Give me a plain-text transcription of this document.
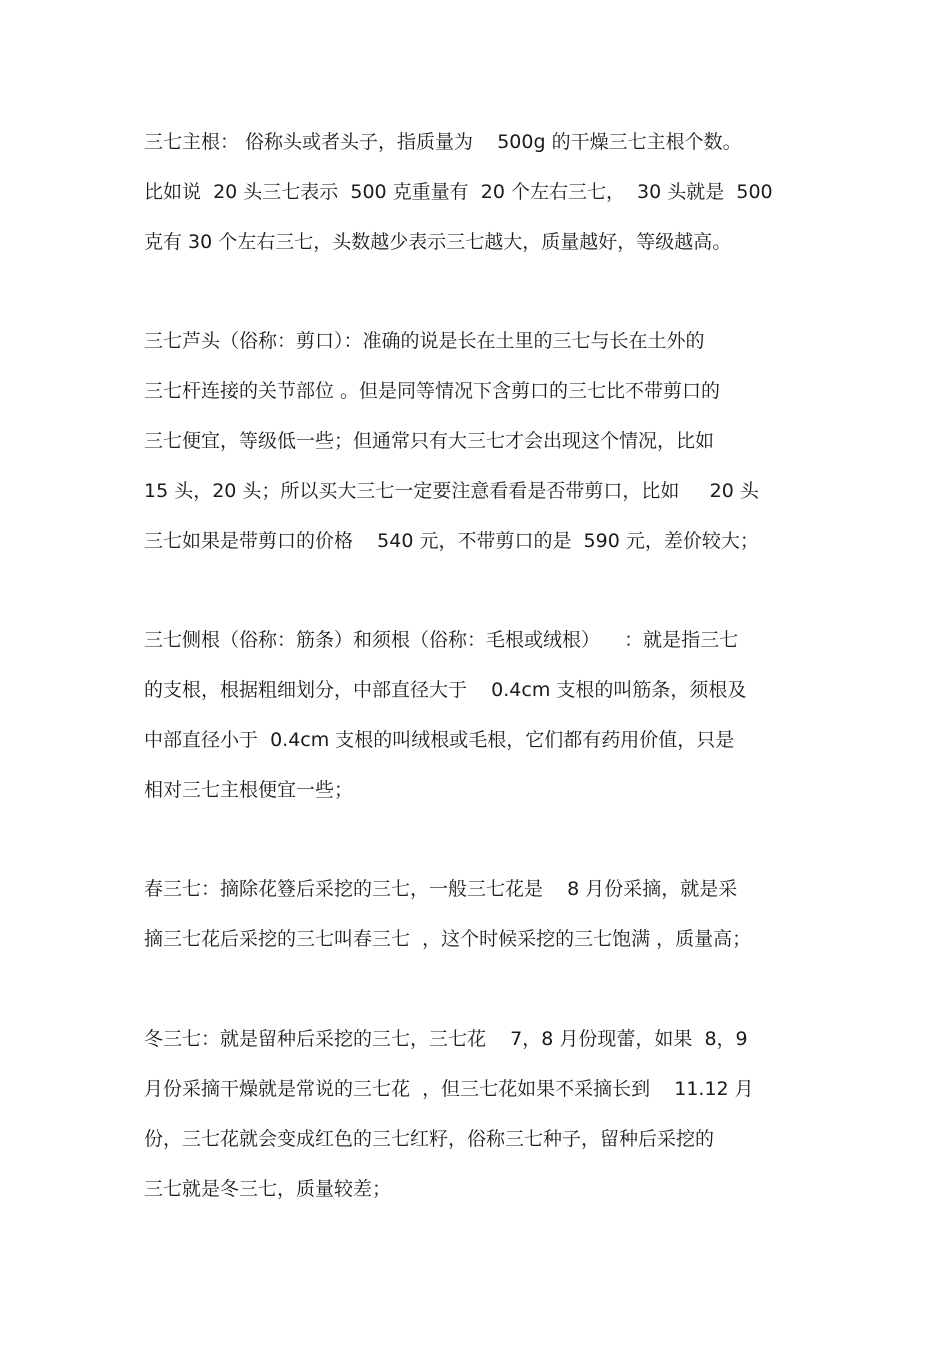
三七主根： 俗称头或者头子，指质量为    500g 的干燥三七主根个数。
比如说  20 头三七表示  500 克重量有  20 个左右三七，  30 头就是  500
克有 30 个左右三七，头数越少表示三七越大，质量越好，等级越高。
三七芦头（俗称：剪口）：准确的说是长在土里的三七与长在土外的
三七杆连接的关节部位 。但是同等情况下含剪口的三七比不带剪口的
三七便宜，等级低一些；但通常只有大三七才会出现这个情况，比如
15 头，20 头；所以买大三七一定要注意看看是否带剪口，比如     20 头
三七如果是带剪口的价格    540 元，不带剪口的是  590 元，差价较大；
三七侧根（俗称：筋条）和须根（俗称：毛根或绒根）    ：就是指三七
的支根，根据粗细划分，中部直径大于    0.4cm 支根的叫筋条，须根及
中部直径小于  0.4cm 支根的叫绒根或毛根，它们都有药用价值，只是
相对三七主根便宜一些；
春三七：摘除花簦后采挖的三七，一般三七花是    8 月份采摘，就是采
摘三七花后采挖的三七叫春三七  ，这个时候采挖的三七饱满 ，质量高；
冬三七：就是留种后采挖的三七，三七花    7，8 月份现蕾，如果  8，9
月份采摘干燥就是常说的三七花  ，但三七花如果不采摘长到    11.12 月
份，三七花就会变成红色的三七红籽，俗称三七种子，留种后采挖的
三七就是冬三七，质量较差；
